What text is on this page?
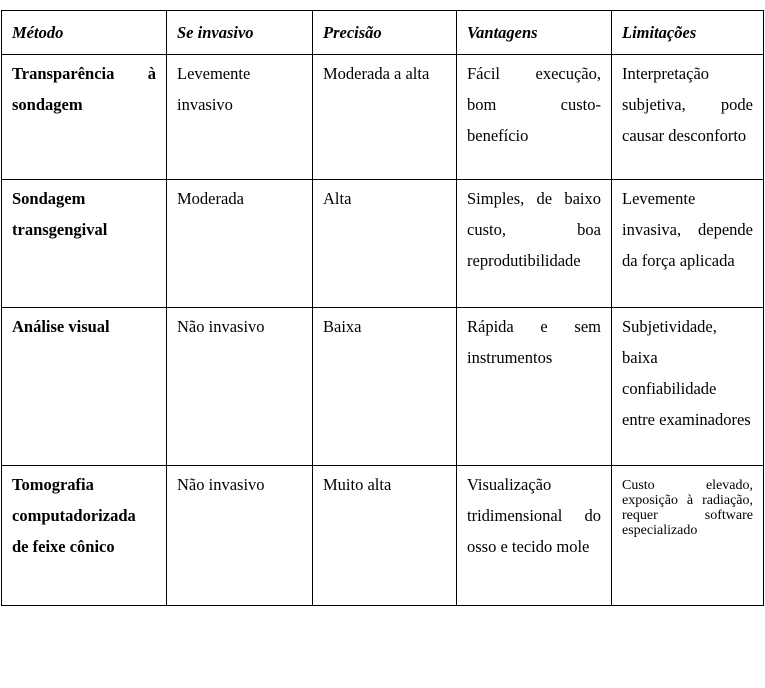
Método	Se invasivo	Precisão	Vantagens	Limitações
Transparência à sondagem	Levemente invasivo	Moderada a alta	Fácil execução, bom custo-benefício	Interpretação subjetiva, pode causar desconforto
Sondagem transgengival	Moderada	Alta	Simples, de baixo custo, boa reprodutibilidade	Levemente invasiva, depende da força aplicada
Análise visual	Não invasivo	Baixa	Rápida e sem instrumentos	Subjetividade, baixa confiabilidade entre examinadores
Tomografia computadorizada de feixe cônico	Não invasivo	Muito alta	Visualização tridimensional do osso e tecido mole	Custo elevado, exposição à radiação, requer software especializado
